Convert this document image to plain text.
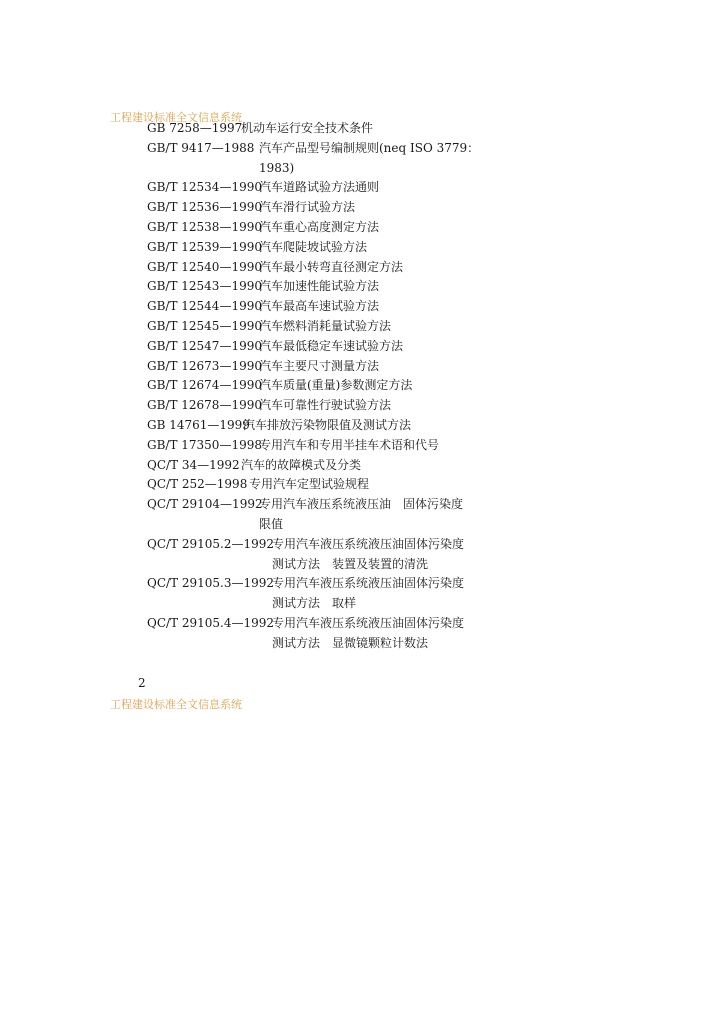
工程建设标准全文信息系统
GB 7258—1997
机动车运行安全技术条件
GB/T 9417—1988 汽车产品型号编制规则(neq ISO 3779：
1983)
GB/T 12534—1990
汽车道路试验方法通则
GB/T 12536—1990
汽车滑行试验方法
GB/T 12538—1990
汽车重心高度测定方法
GB/T 12539—1990
汽车爬陡坡试验方法
GB/T 12540—1990
汽车最小转弯直径测定方法
GB/T 12543—1990
汽车加速性能试验方法
GB/T 12544—1990
汽车最高车速试验方法
GB/T 12545—1990
汽车燃料消耗量试验方法
GB/T 12547—1990
汽车最低稳定车速试验方法
GB/T 12673—1990
汽车主要尺寸测量方法
GB/T 12674—1990
汽车质量(重量)参数测定方法
GB/T 12678—1990
汽车可靠性行驶试验方法
GB 14761—1999
汽车排放污染物限值及测试方法
GB/T 17350—1998
专用汽车和专用半挂车术语和代号
QC/T 34—1992 汽车的故障模式及分类
QC/T 252—1998 专用汽车定型试验规程
QC/T 29104—1992
专用汽车液压系统液压油　固体污染度
限值
QC/T 29105.2—1992
专用汽车液压系统液压油固体污染度
测试方法　装置及装置的清洗
QC/T 29105.3—1992
专用汽车液压系统液压油固体污染度
测试方法　取样
QC/T 29105.4—1992
专用汽车液压系统液压油固体污染度
测试方法　显微镜颗粒计数法
2
工程建设标准全文信息系统
